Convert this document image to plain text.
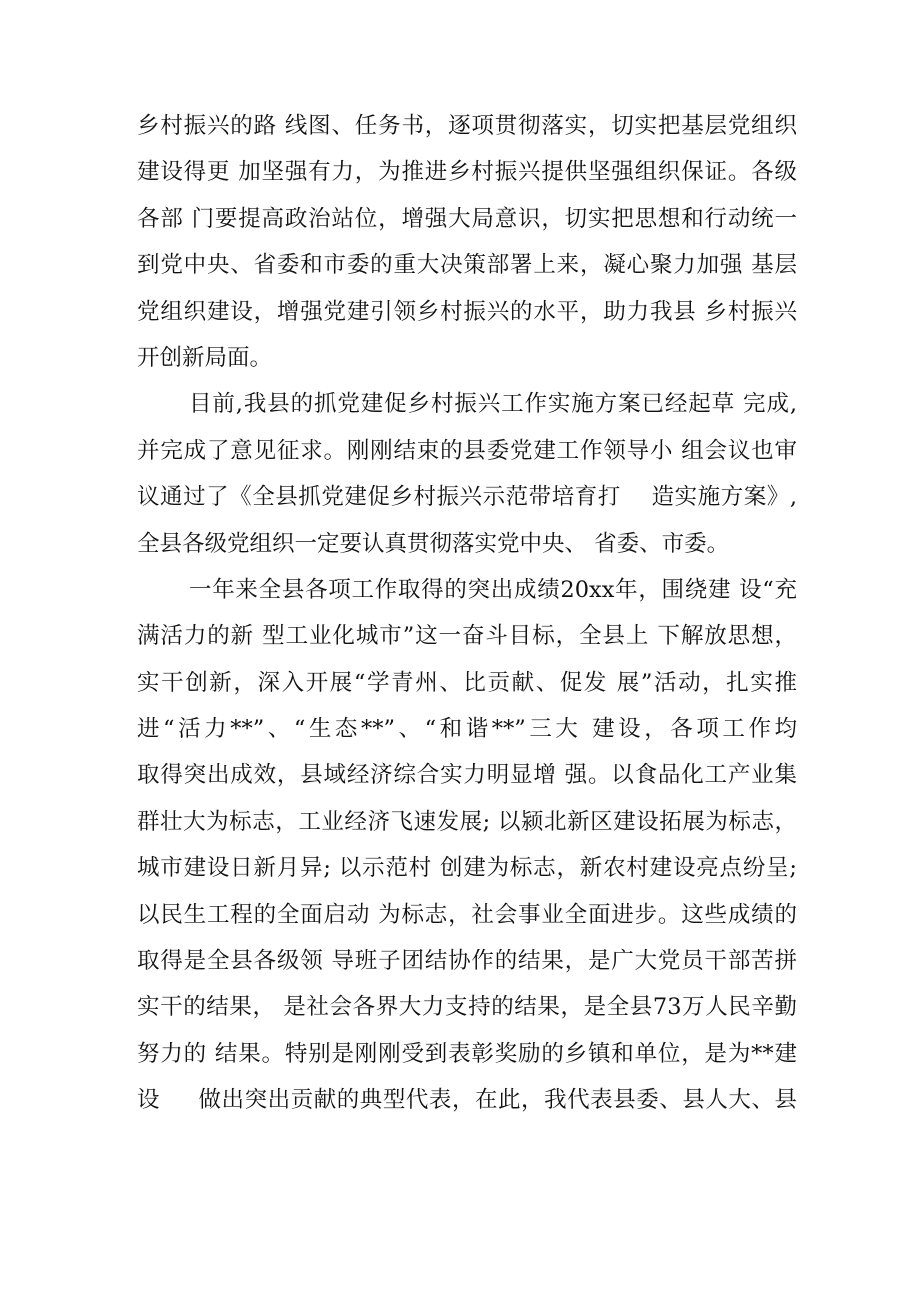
乡村振兴的路 线图、任务书，逐项贯彻落实，切实把基层党组织
建设得更 加坚强有力，为推进乡村振兴提供坚强组织保证。各级
各部 门要提高政治站位，增强大局意识，切实把思想和行动统一
到党中央、省委和市委的重大决策部署上来，凝心聚力加强 基层
党组织建设，增强党建引领乡村振兴的水平，助力我县 乡村振兴
开创新局面。
目前,我县的抓党建促乡村振兴工作实施方案已经起草 完成,
并完成了意见征求。刚刚结束的县委党建工作领导小 组会议也审
议通过了《全县抓党建促乡村振兴示范带培育打    造实施方案》,
全县各级党组织一定要认真贯彻落实党中央、 省委、市委。
一年来全县各项工作取得的突出成绩20xx年，围绕建 设“充
满活力的新 型工业化城市”这一奋斗目标，全县上 下解放思想，
实干创新，深入开展“学青州、比贡献、促发 展”活动，扎实推
进“活力**”、“生态**”、“和谐**”三大 建设，各项工作均
取得突出成效，县域经济综合实力明显增 强。以食品化工产业集
群壮大为标志，工业经济飞速发展; 以颍北新区建设拓展为标志，
城市建设日新月异; 以示范村 创建为标志，新农村建设亮点纷呈;
以民生工程的全面启动 为标志，社会事业全面进步。这些成绩的
取得是全县各级领 导班子团结协作的结果，是广大党员干部苦拼
实干的结果， 是社会各界大力支持的结果，是全县73万人民辛勤
努力的 结果。特别是刚刚受到表彰奖励的乡镇和单位，是为**建
设     做出突出贡献的典型代表，在此，我代表县委、县人大、县
